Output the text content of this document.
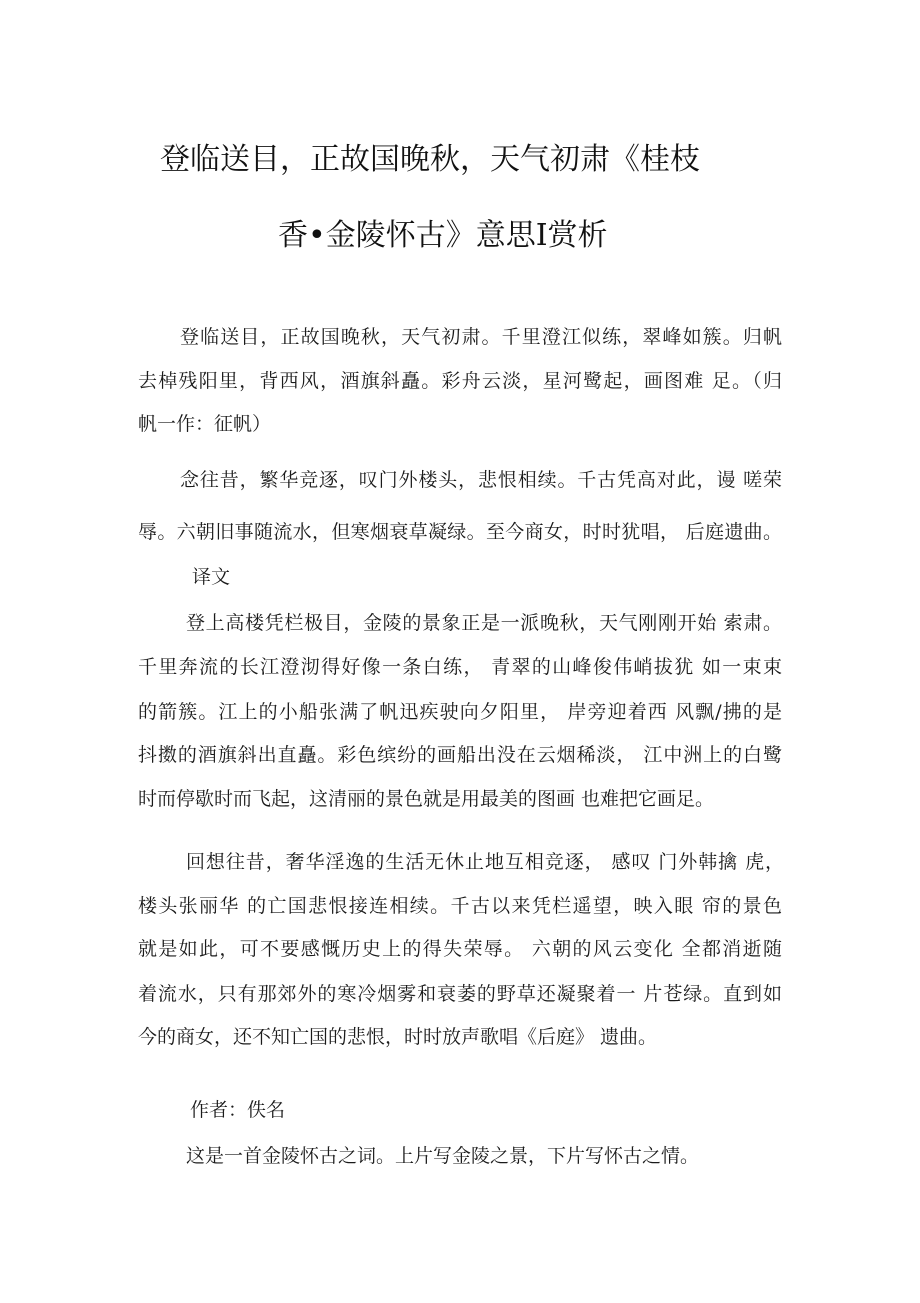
登临送目，正故国晚秋，天气初肃《桂枝
香•金陵怀古》意思Ⅰ赏析
登临送目，正故国晚秋，天气初肃。千里澄江似练，翠峰如簇。归帆
去棹残阳里，背西风，酒旗斜矗。彩舟云淡，星河鹭起，画图难 足。（归
帆一作：征帆）
念往昔，繁华竞逐，叹门外楼头，悲恨相续。千古凭高对此，谩 嗟荣
辱。六朝旧事随流水，但寒烟衰草凝绿。至今商女，时时犹唱， 后庭遗曲。
译文
登上高楼凭栏极目，金陵的景象正是一派晚秋，天气刚刚开始 索肃。
千里奔流的长江澄沏得好像一条白练， 青翠的山峰俊伟峭拔犹 如一束束
的箭簇。江上的小船张满了帆迅疾驶向夕阳里， 岸旁迎着西 风飘/拂的是
抖擞的酒旗斜出直矗。彩色缤纷的画船出没在云烟稀淡， 江中洲上的白鹭
时而停歇时而飞起，这清丽的景色就是用最美的图画 也难把它画足。
回想往昔，奢华淫逸的生活无休止地互相竞逐， 感叹 门外韩擒 虎，
楼头张丽华 的亡国悲恨接连相续。千古以来凭栏遥望，映入眼 帘的景色
就是如此，可不要感慨历史上的得失荣辱。 六朝的风云变化 全都消逝随
着流水，只有那郊外的寒冷烟雾和衰萎的野草还凝聚着一 片苍绿。直到如
今的商女，还不知亡国的悲恨，时时放声歌唱《后庭》 遗曲。
作者：佚名
这是一首金陵怀古之词。上片写金陵之景，下片写怀古之情。
